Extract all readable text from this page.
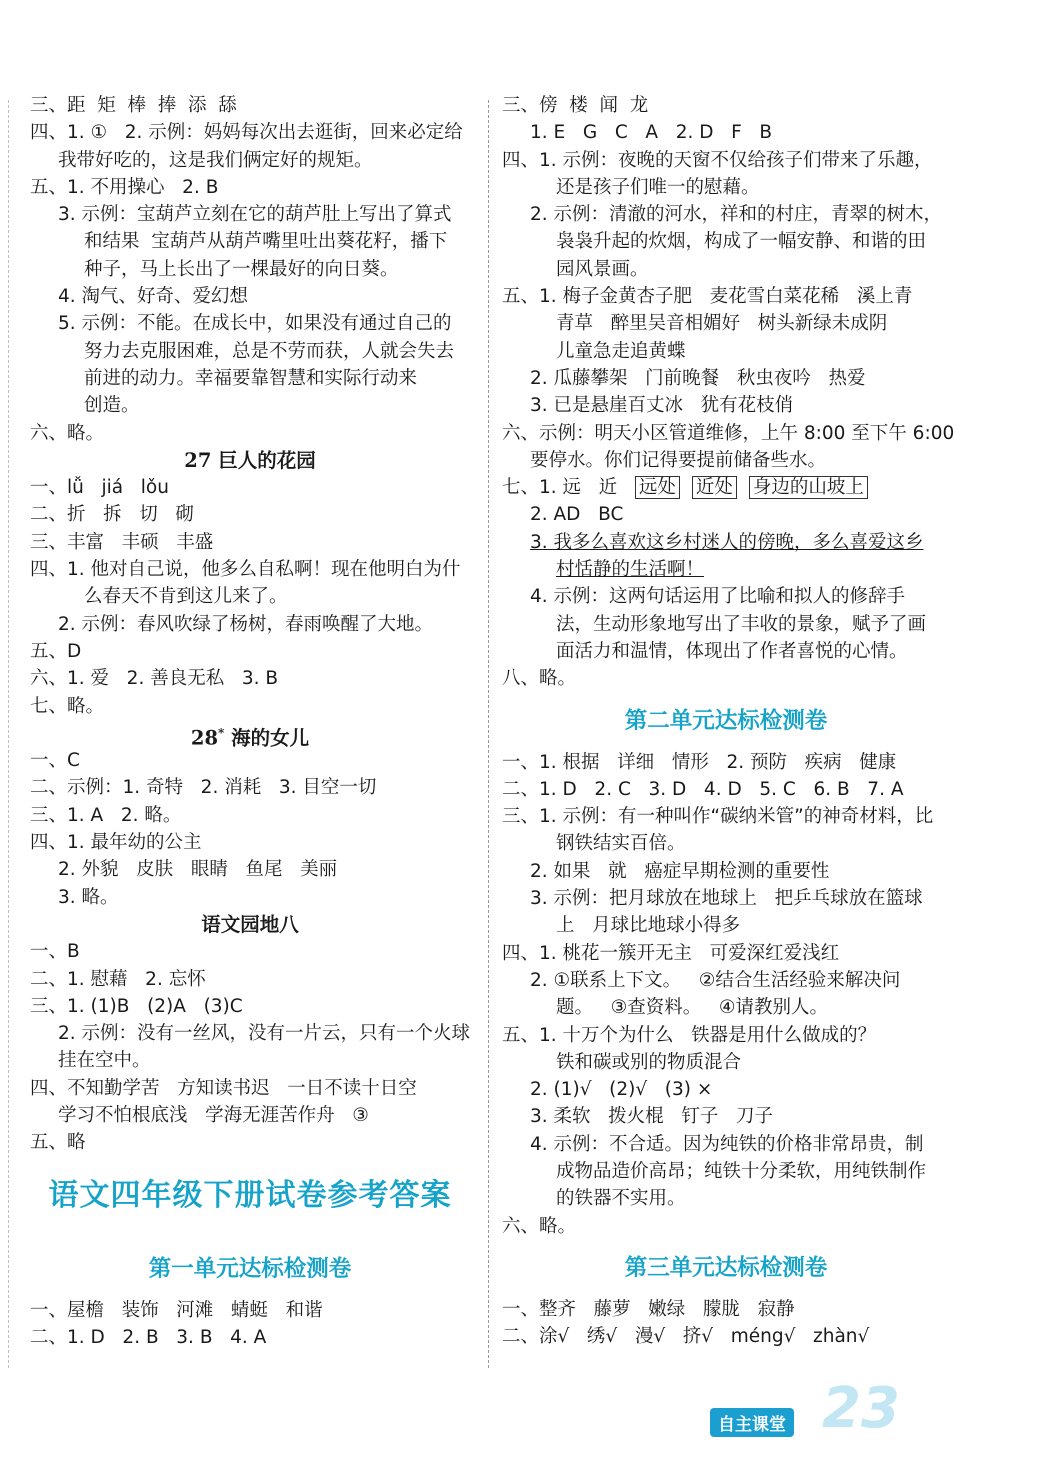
三、距  矩  棒  捧  添  舔
四、1. ①   2. 示例：妈妈每次出去逛街，回来必定给
我带好吃的，这是我们俩定好的规矩。
五、1. 不用操心   2. B
3. 示例：宝葫芦立刻在它的葫芦肚上写出了算式
和结果  宝葫芦从葫芦嘴里吐出葵花籽，播下
种子，马上长出了一棵最好的向日葵。
4. 淘气、好奇、爱幻想
5. 示例：不能。在成长中，如果没有通过自己的
努力去克服困难，总是不劳而获，人就会失去
前进的动力。幸福要靠智慧和实际行动来
创造。
六、略。
27 巨人的花园
一、lǚ   jiá   lǒu
二、折   拆   切   砌
三、丰富   丰硕   丰盛
四、1. 他对自己说，他多么自私啊！现在他明白为什
么春天不肯到这儿来了。
2. 示例：春风吹绿了杨树，春雨唤醒了大地。
五、D
六、1. 爱   2. 善良无私   3. B
七、略。
28* 海的女儿
一、C
二、示例：1. 奇特   2. 消耗   3. 目空一切
三、1. A   2. 略。
四、1. 最年幼的公主
2. 外貌   皮肤   眼睛   鱼尾   美丽
3. 略。
语文园地八
一、B
二、1. 慰藉   2. 忘怀
三、1. (1)B   (2)A   (3)C
2. 示例：没有一丝风，没有一片云，只有一个火球
挂在空中。
四、不知勤学苦   方知读书迟   一日不读十日空
学习不怕根底浅   学海无涯苦作舟   ③
五、略
语文四年级下册试卷参考答案
第一单元达标检测卷
一、屋檐   装饰   河滩   蜻蜓   和谐
二、1. D   2. B   3. B   4. A
三、傍  楼  闻  龙
1. E   G   C   A   2. D   F   B
四、1. 示例：夜晚的天窗不仅给孩子们带来了乐趣，
还是孩子们唯一的慰藉。
2. 示例：清澈的河水，祥和的村庄，青翠的树木，
袅袅升起的炊烟，构成了一幅安静、和谐的田
园风景画。
五、1. 梅子金黄杏子肥   麦花雪白菜花稀   溪上青
青草   醉里吴音相媚好   树头新绿未成阴
儿童急走追黄蝶
2. 瓜藤攀架   门前晚餐   秋虫夜吟   热爱
3. 已是悬崖百丈冰   犹有花枝俏
六、示例：明天小区管道维修，上午 8:00 至下午 6:00
要停水。你们记得要提前储备些水。
七、1. 远   近   远处 近处 身边的山坡上
2. AD   BC
3. 我多么喜欢这乡村迷人的傍晚，多么喜爱这乡
村恬静的生活啊！
4. 示例：这两句话运用了比喻和拟人的修辞手
法，生动形象地写出了丰收的景象，赋予了画
面活力和温情，体现出了作者喜悦的心情。
八、略。
第二单元达标检测卷
一、1. 根据   详细   情形   2. 预防   疾病   健康
二、1. D   2. C   3. D   4. D   5. C   6. B   7. A
三、1. 示例：有一种叫作“碳纳米管”的神奇材料，比
钢铁结实百倍。
2. 如果   就   癌症早期检测的重要性
3. 示例：把月球放在地球上   把乒乓球放在篮球
上   月球比地球小得多
四、1. 桃花一簇开无主   可爱深红爱浅红
2. ①联系上下文。   ②结合生活经验来解决问
题。   ③查资料。   ④请教别人。
五、1. 十万个为什么   铁器是用什么做成的？
铁和碳或别的物质混合
2. (1)√   (2)√   (3) ×
3. 柔软   拨火棍   钉子   刀子
4. 示例：不合适。因为纯铁的价格非常昂贵，制
成物品造价高昂；纯铁十分柔软，用纯铁制作
的铁器不实用。
六、略。
第三单元达标检测卷
一、整齐   藤萝   嫩绿   朦胧   寂静
二、涂√   绣√   漫√   挤√   méng√   zhàn√
自主课堂 23
